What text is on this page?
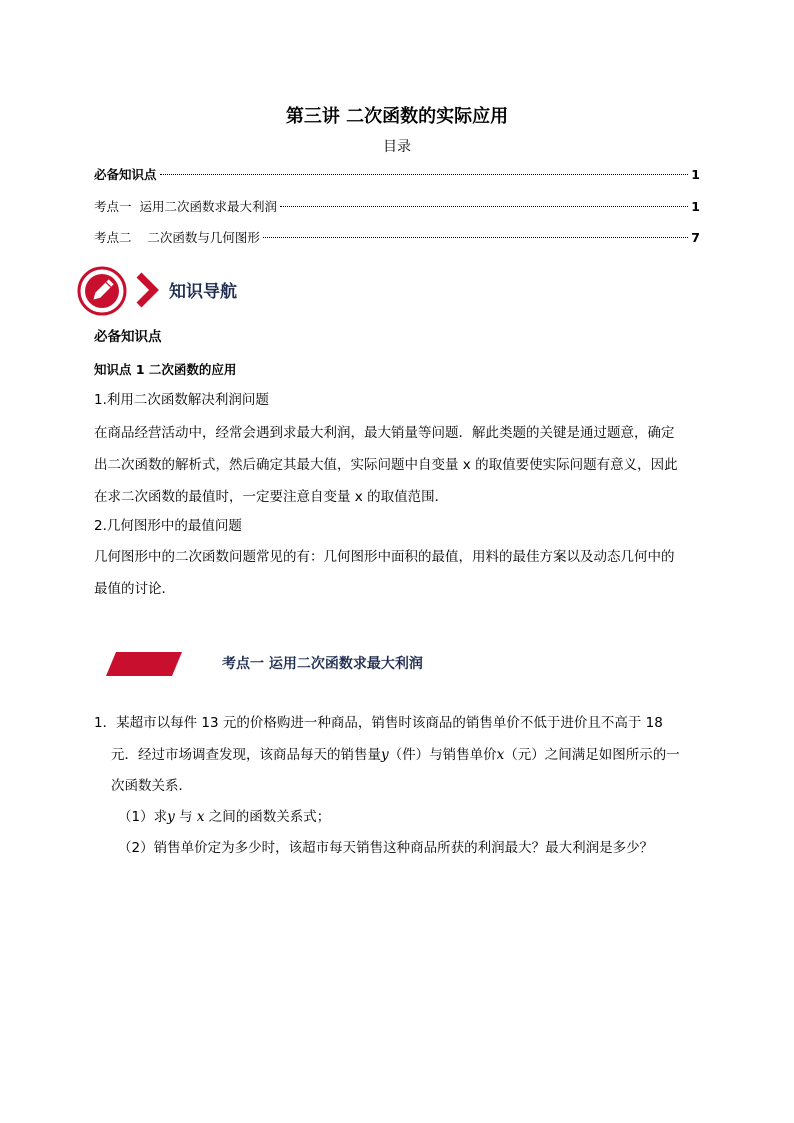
第三讲 二次函数的实际应用
目录
必备知识点	1
考点一  运用二次函数求最大利润	1
考点二    二次函数与几何图形	7
知识导航
必备知识点
知识点 1 二次函数的应用
1.利用二次函数解决利润问题
在商品经营活动中，经常会遇到求最大利润，最大销量等问题．解此类题的关键是通过题意，确定
出二次函数的解析式，然后确定其最大值，实际问题中自变量 x 的取值要使实际问题有意义，因此
在求二次函数的最值时，一定要注意自变量 x 的取值范围．
2.几何图形中的最值问题
几何图形中的二次函数问题常见的有：几何图形中面积的最值，用料的最佳方案以及动态几何中的
最值的讨论．
考点一 运用二次函数求最大利润
1．某超市以每件 13 元的价格购进一种商品，销售时该商品的销售单价不低于进价且不高于 18
元．经过市场调查发现，该商品每天的销售量y（件）与销售单价x（元）之间满足如图所示的一
次函数关系．
（1）求y 与 x 之间的函数关系式；
（2）销售单价定为多少时，该超市每天销售这种商品所获的利润最大？最大利润是多少？
